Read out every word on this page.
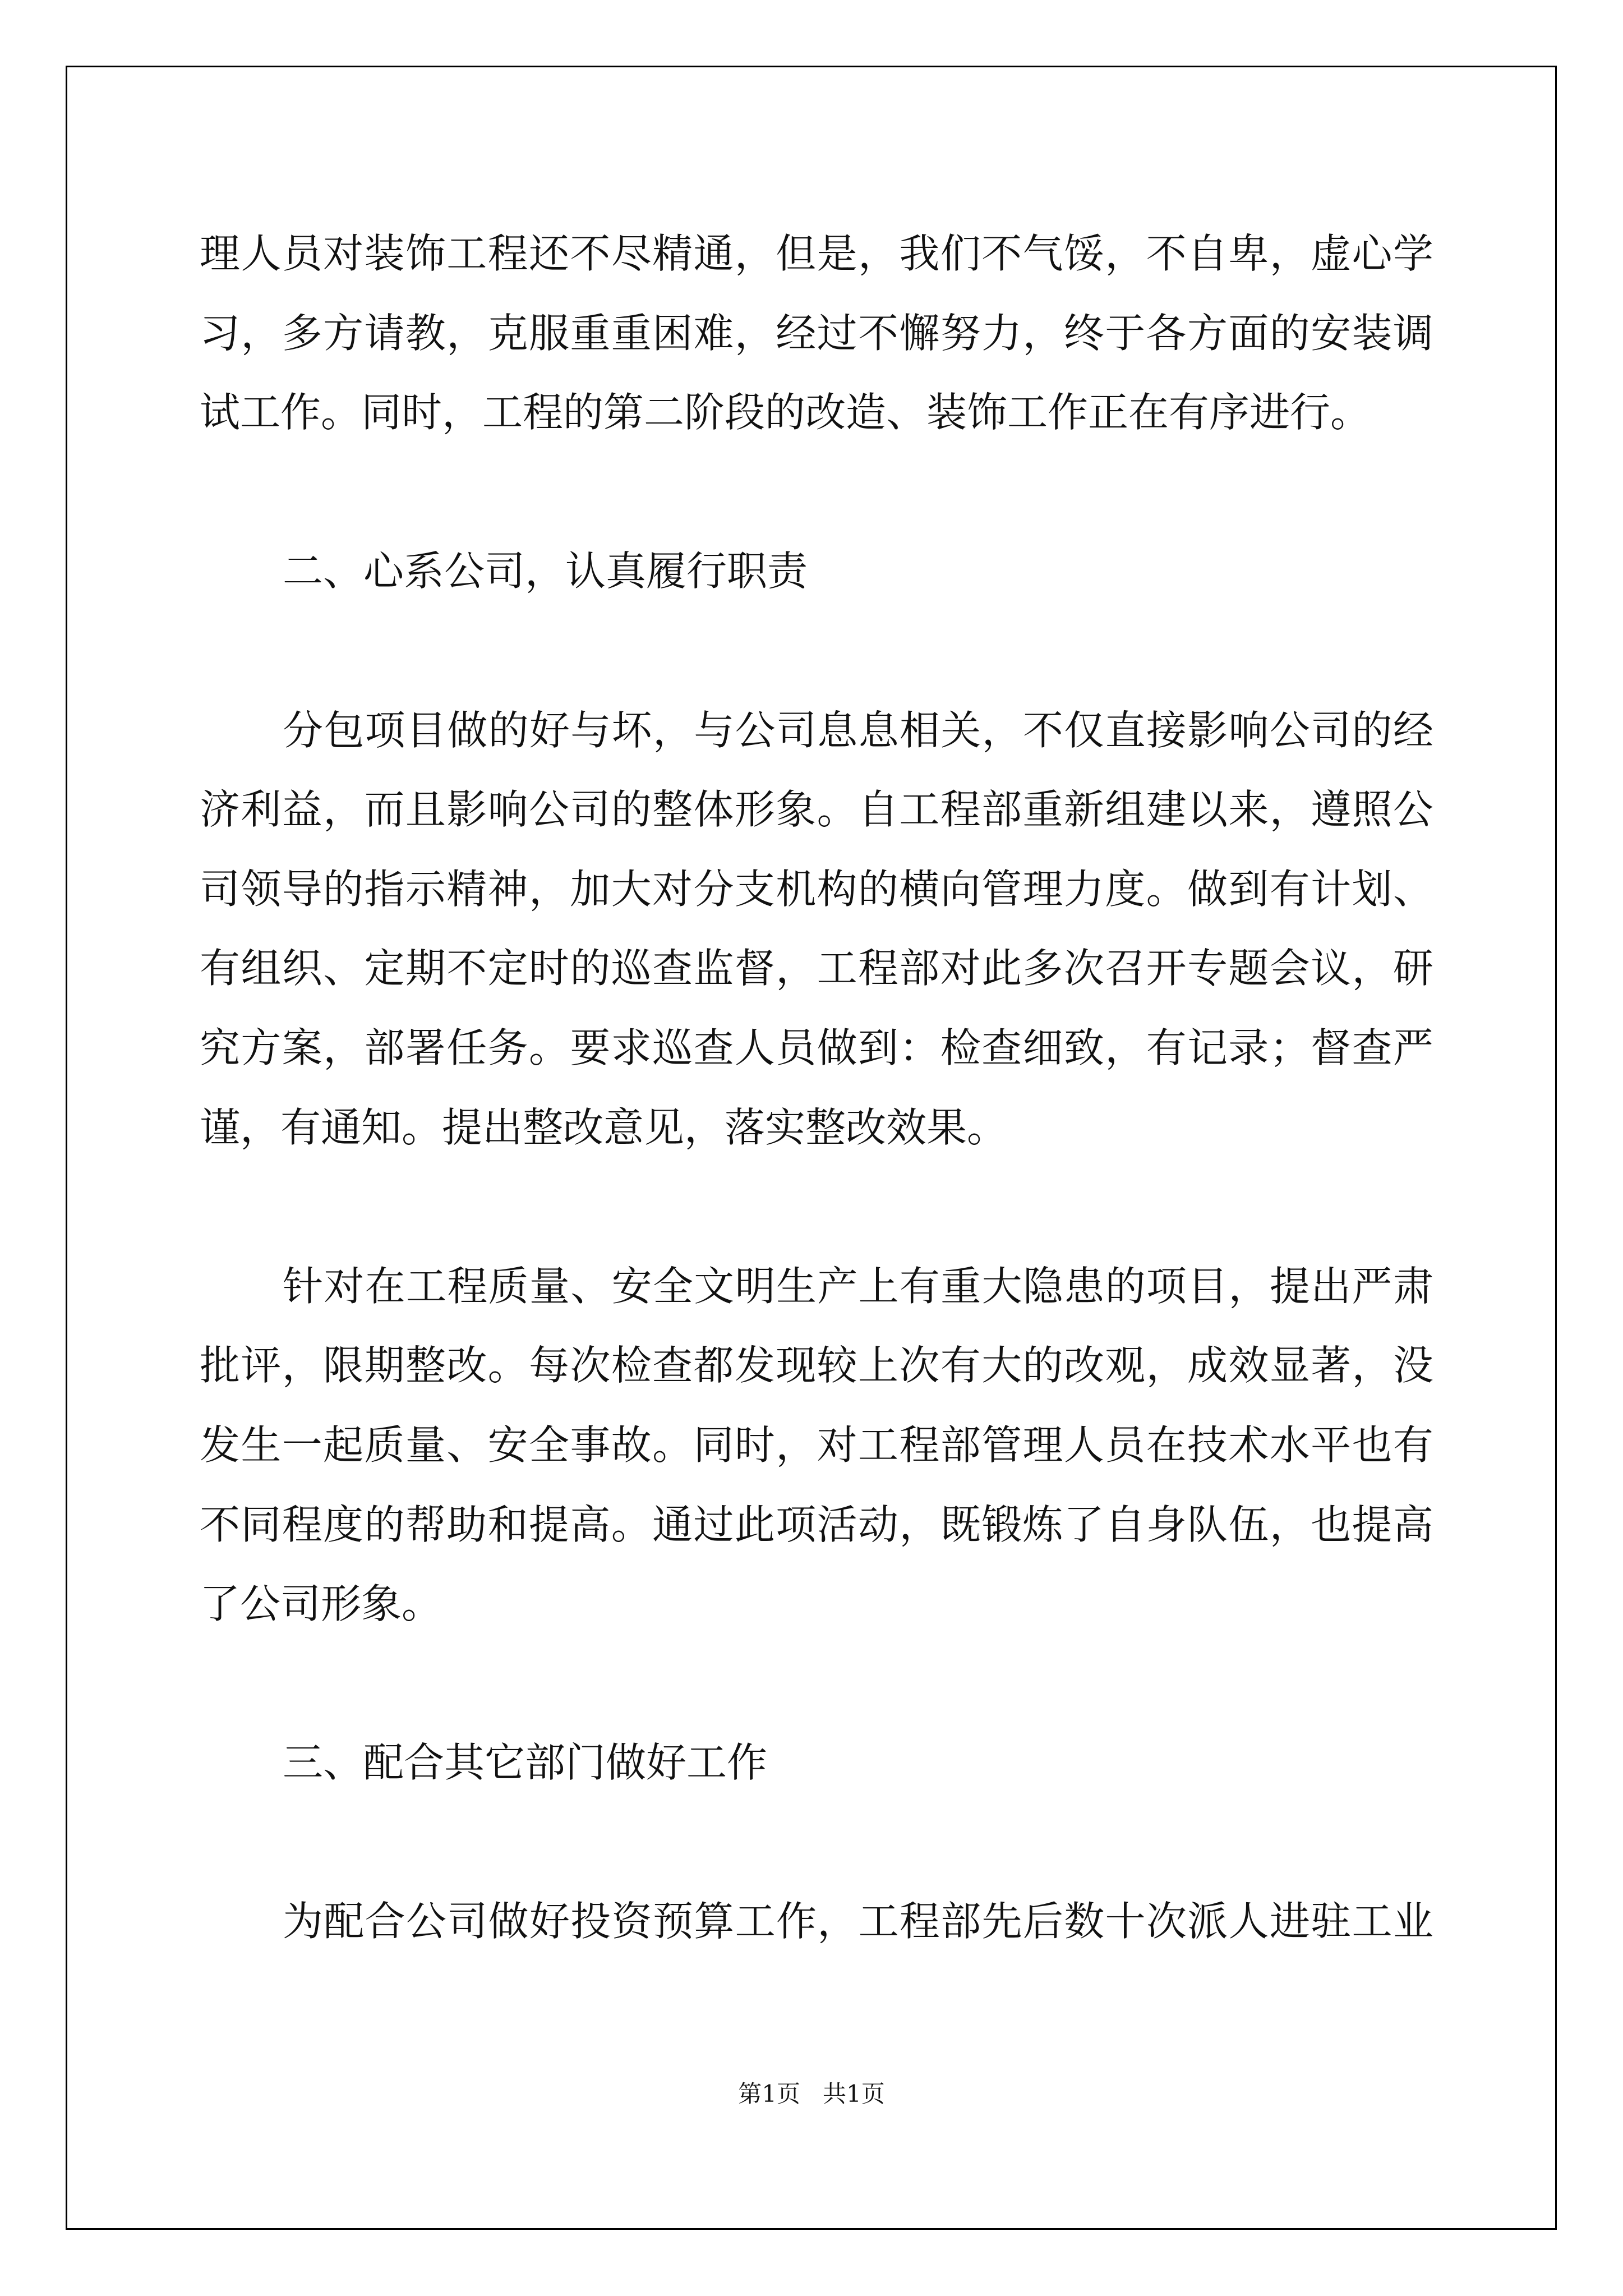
理 人 员 对 装 饰 工 程 还 不 尽 精 通 ， 但 是 ， 我 们 不 气 馁 ， 不 自 卑 ， 虚 心 学
习 ， 多 方 请 教 ， 克 服 重 重 困 难 ， 经 过 不 懈 努 力 ， 终 于 各 方 面 的 安 装 调
试工作。同时，工程的第二阶段的改造、装饰工作正在有序进行。
二、心系公司，认真履行职责
分 包 项 目 做 的 好 与 坏 ， 与 公 司 息 息 相 关 ， 不 仅 直 接 影 响 公 司 的 经
济 利 益 ， 而 且 影 响 公 司 的 整 体 形 象 。 自 工 程 部 重 新 组 建 以 来 ， 遵 照 公
司 领 导 的 指 示 精 神 ， 加 大 对 分 支 机 构 的 横 向 管 理 力 度 。 做 到 有 计 划 、
有 组 织 、 定 期 不 定 时 的 巡 查 监 督 ， 工 程 部 对 此 多 次 召 开 专 题 会 议 ， 研
究 方 案 ， 部 署 任 务 。 要 求 巡 查 人 员 做 到 ： 检 查 细 致 ， 有 记 录 ； 督 查 严
谨，有通知。提出整改意见，落实整改效果。
针 对 在 工 程 质 量 、 安 全 文 明 生 产 上 有 重 大 隐 患 的 项 目 ， 提 出 严 肃
批 评 ， 限 期 整 改 。 每 次 检 查 都 发 现 较 上 次 有 大 的 改 观 ， 成 效 显 著 ， 没
发 生 一 起 质 量 、 安 全 事 故 。 同 时 ， 对 工 程 部 管 理 人 员 在 技 术 水 平 也 有
不 同 程 度 的 帮 助 和 提 高 。 通 过 此 项 活 动 ， 既 锻 炼 了 自 身 队 伍 ， 也 提 高
了公司形象。
三、配合其它部门做好工作
为 配 合 公 司 做 好 投 资 预 算 工 作 ， 工 程 部 先 后 数 十 次 派 人 进 驻 工 业
第1页   共1页
